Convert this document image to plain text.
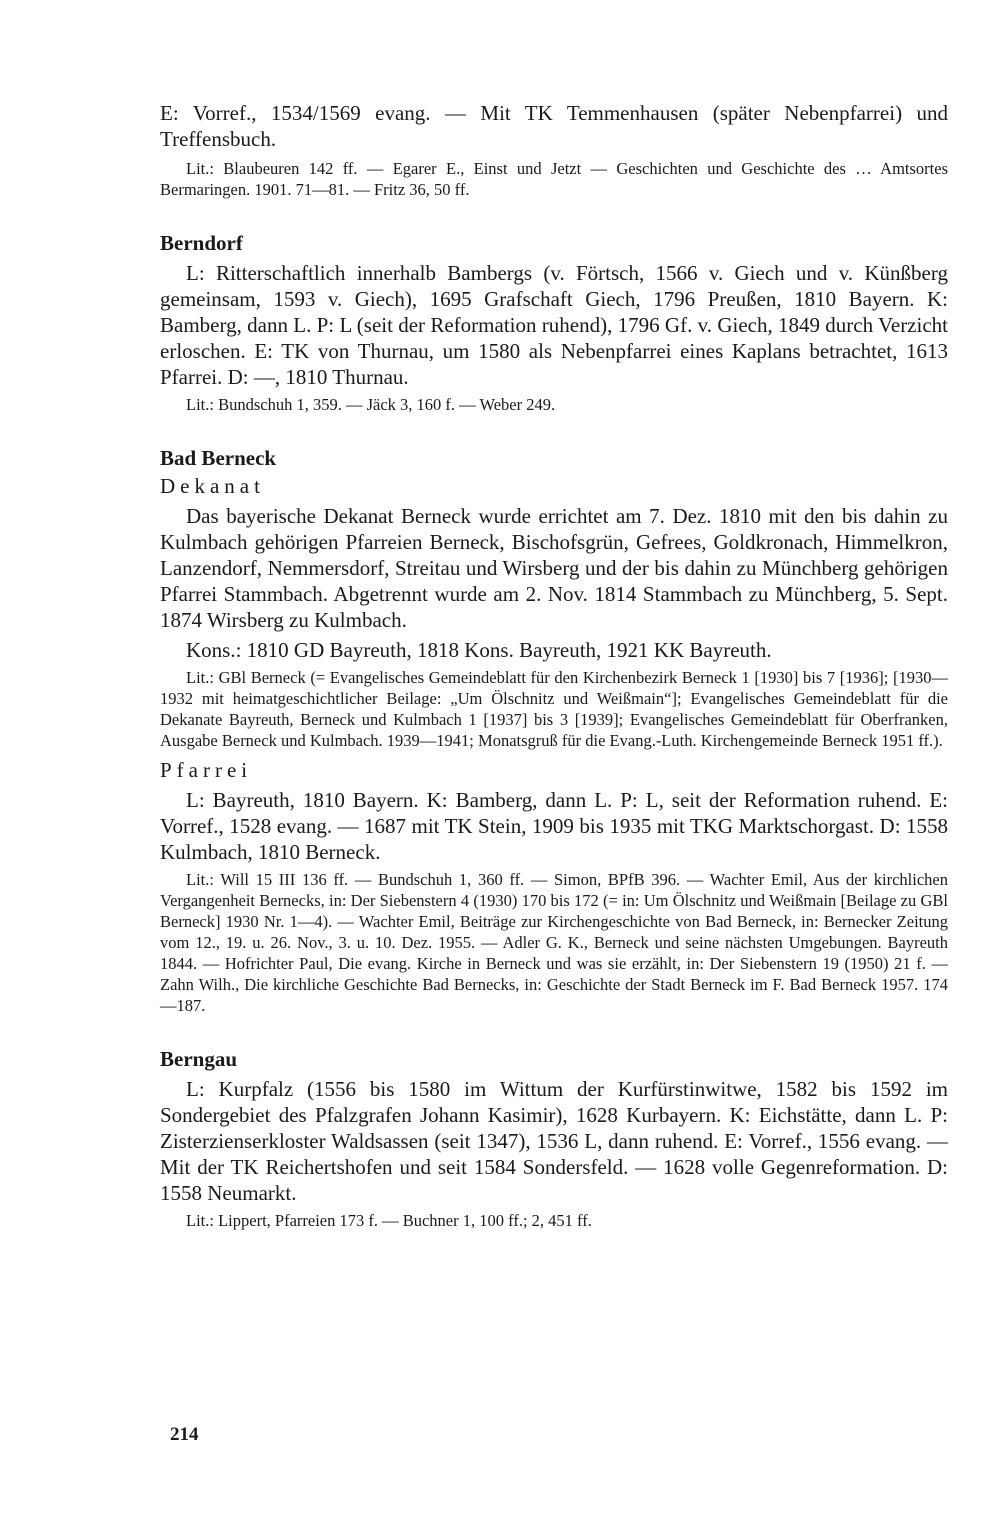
E: Vorref., 1534/1569 evang. — Mit TK Temmenhausen (später Nebenpfarrei) und Treffensbuch.

Lit.: Blaubeuren 142 ff. — Egarer E., Einst und Jetzt — Geschichten und Geschichte des … Amtsortes Bermaringen. 1901. 71—81. — Fritz 36, 50 ff.

Berndorf

L: Ritterschaftlich innerhalb Bambergs (v. Förtsch, 1566 v. Giech und v. Künßberg gemeinsam, 1593 v. Giech), 1695 Grafschaft Giech, 1796 Preußen, 1810 Bayern. K: Bamberg, dann L. P: L (seit der Reformation ruhend), 1796 Gf. v. Giech, 1849 durch Verzicht erloschen. E: TK von Thurnau, um 1580 als Nebenpfarrei eines Kaplans betrachtet, 1613 Pfarrei. D: —, 1810 Thurnau.

Lit.: Bundschuh 1, 359. — Jäck 3, 160 f. — Weber 249.

Bad Berneck

Dekanat

Das bayerische Dekanat Berneck wurde errichtet am 7. Dez. 1810 mit den bis dahin zu Kulmbach gehörigen Pfarreien Berneck, Bischofsgrün, Gefrees, Goldkronach, Himmelkron, Lanzendorf, Nemmersdorf, Streitau und Wirsberg und der bis dahin zu Münchberg gehörigen Pfarrei Stammbach. Abgetrennt wurde am 2. Nov. 1814 Stammbach zu Münchberg, 5. Sept. 1874 Wirsberg zu Kulmbach.

Kons.: 1810 GD Bayreuth, 1818 Kons. Bayreuth, 1921 KK Bayreuth.

Lit.: GBl Berneck (= Evangelisches Gemeindeblatt für den Kirchenbezirk Berneck 1 [1930] bis 7 [1936]; [1930—1932 mit heimatgeschichtlicher Beilage: „Um Ölschnitz und Weißmain“]; Evangelisches Gemeindeblatt für die Dekanate Bayreuth, Berneck und Kulmbach 1 [1937] bis 3 [1939]; Evangelisches Gemeindeblatt für Oberfranken, Ausgabe Berneck und Kulmbach. 1939—1941; Monatsgruß für die Evang.-Luth. Kirchengemeinde Berneck 1951 ff.).

Pfarrei

L: Bayreuth, 1810 Bayern. K: Bamberg, dann L. P: L, seit der Reformation ruhend. E: Vorref., 1528 evang. — 1687 mit TK Stein, 1909 bis 1935 mit TKG Marktschorgast. D: 1558 Kulmbach, 1810 Berneck.

Lit.: Will 15 III 136 ff. — Bundschuh 1, 360 ff. — Simon, BPfB 396. — Wachter Emil, Aus der kirchlichen Vergangenheit Bernecks, in: Der Siebenstern 4 (1930) 170 bis 172 (= in: Um Ölschnitz und Weißmain [Beilage zu GBl Berneck] 1930 Nr. 1—4). — Wachter Emil, Beiträge zur Kirchengeschichte von Bad Berneck, in: Bernecker Zeitung vom 12., 19. u. 26. Nov., 3. u. 10. Dez. 1955. — Adler G. K., Berneck und seine nächsten Umgebungen. Bayreuth 1844. — Hofrichter Paul, Die evang. Kirche in Berneck und was sie erzählt, in: Der Siebenstern 19 (1950) 21 f. — Zahn Wilh., Die kirchliche Geschichte Bad Bernecks, in: Geschichte der Stadt Berneck im F. Bad Berneck 1957. 174—187.

Berngau

L: Kurpfalz (1556 bis 1580 im Wittum der Kurfürstinwitwe, 1582 bis 1592 im Sondergebiet des Pfalzgrafen Johann Kasimir), 1628 Kurbayern. K: Eichstätte, dann L. P: Zisterzienserkloster Waldsassen (seit 1347), 1536 L, dann ruhend. E: Vorref., 1556 evang. — Mit der TK Reichertshofen und seit 1584 Sondersfeld. — 1628 volle Gegenreformation. D: 1558 Neumarkt.

Lit.: Lippert, Pfarreien 173 f. — Buchner 1, 100 ff.; 2, 451 ff.

214
